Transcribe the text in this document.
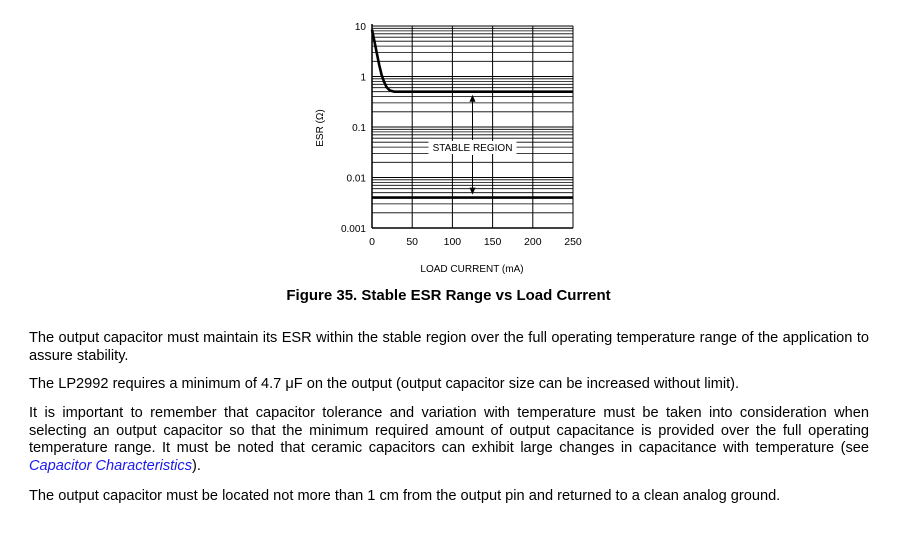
0	50 100 150 200 250
10
1
0.1
0.01
0.001
STABLE REGION
LOAD CURRENT (mA)
ESR (Ω)
Figure 35. Stable ESR Range vs Load Current

The output capacitor must maintain its ESR within the stable region over the full operating temperature range of the application to assure stability.

The LP2992 requires a minimum of 4.7 μF on the output (output capacitor size can be increased without limit).

It is important to remember that capacitor tolerance and variation with temperature must be taken into consideration when selecting an output capacitor so that the minimum required amount of output capacitance is provided over the full operating temperature range. It must be noted that ceramic capacitors can exhibit large changes in capacitance with temperature (see Capacitor Characteristics).

The output capacitor must be located not more than 1 cm from the output pin and returned to a clean analog ground.
